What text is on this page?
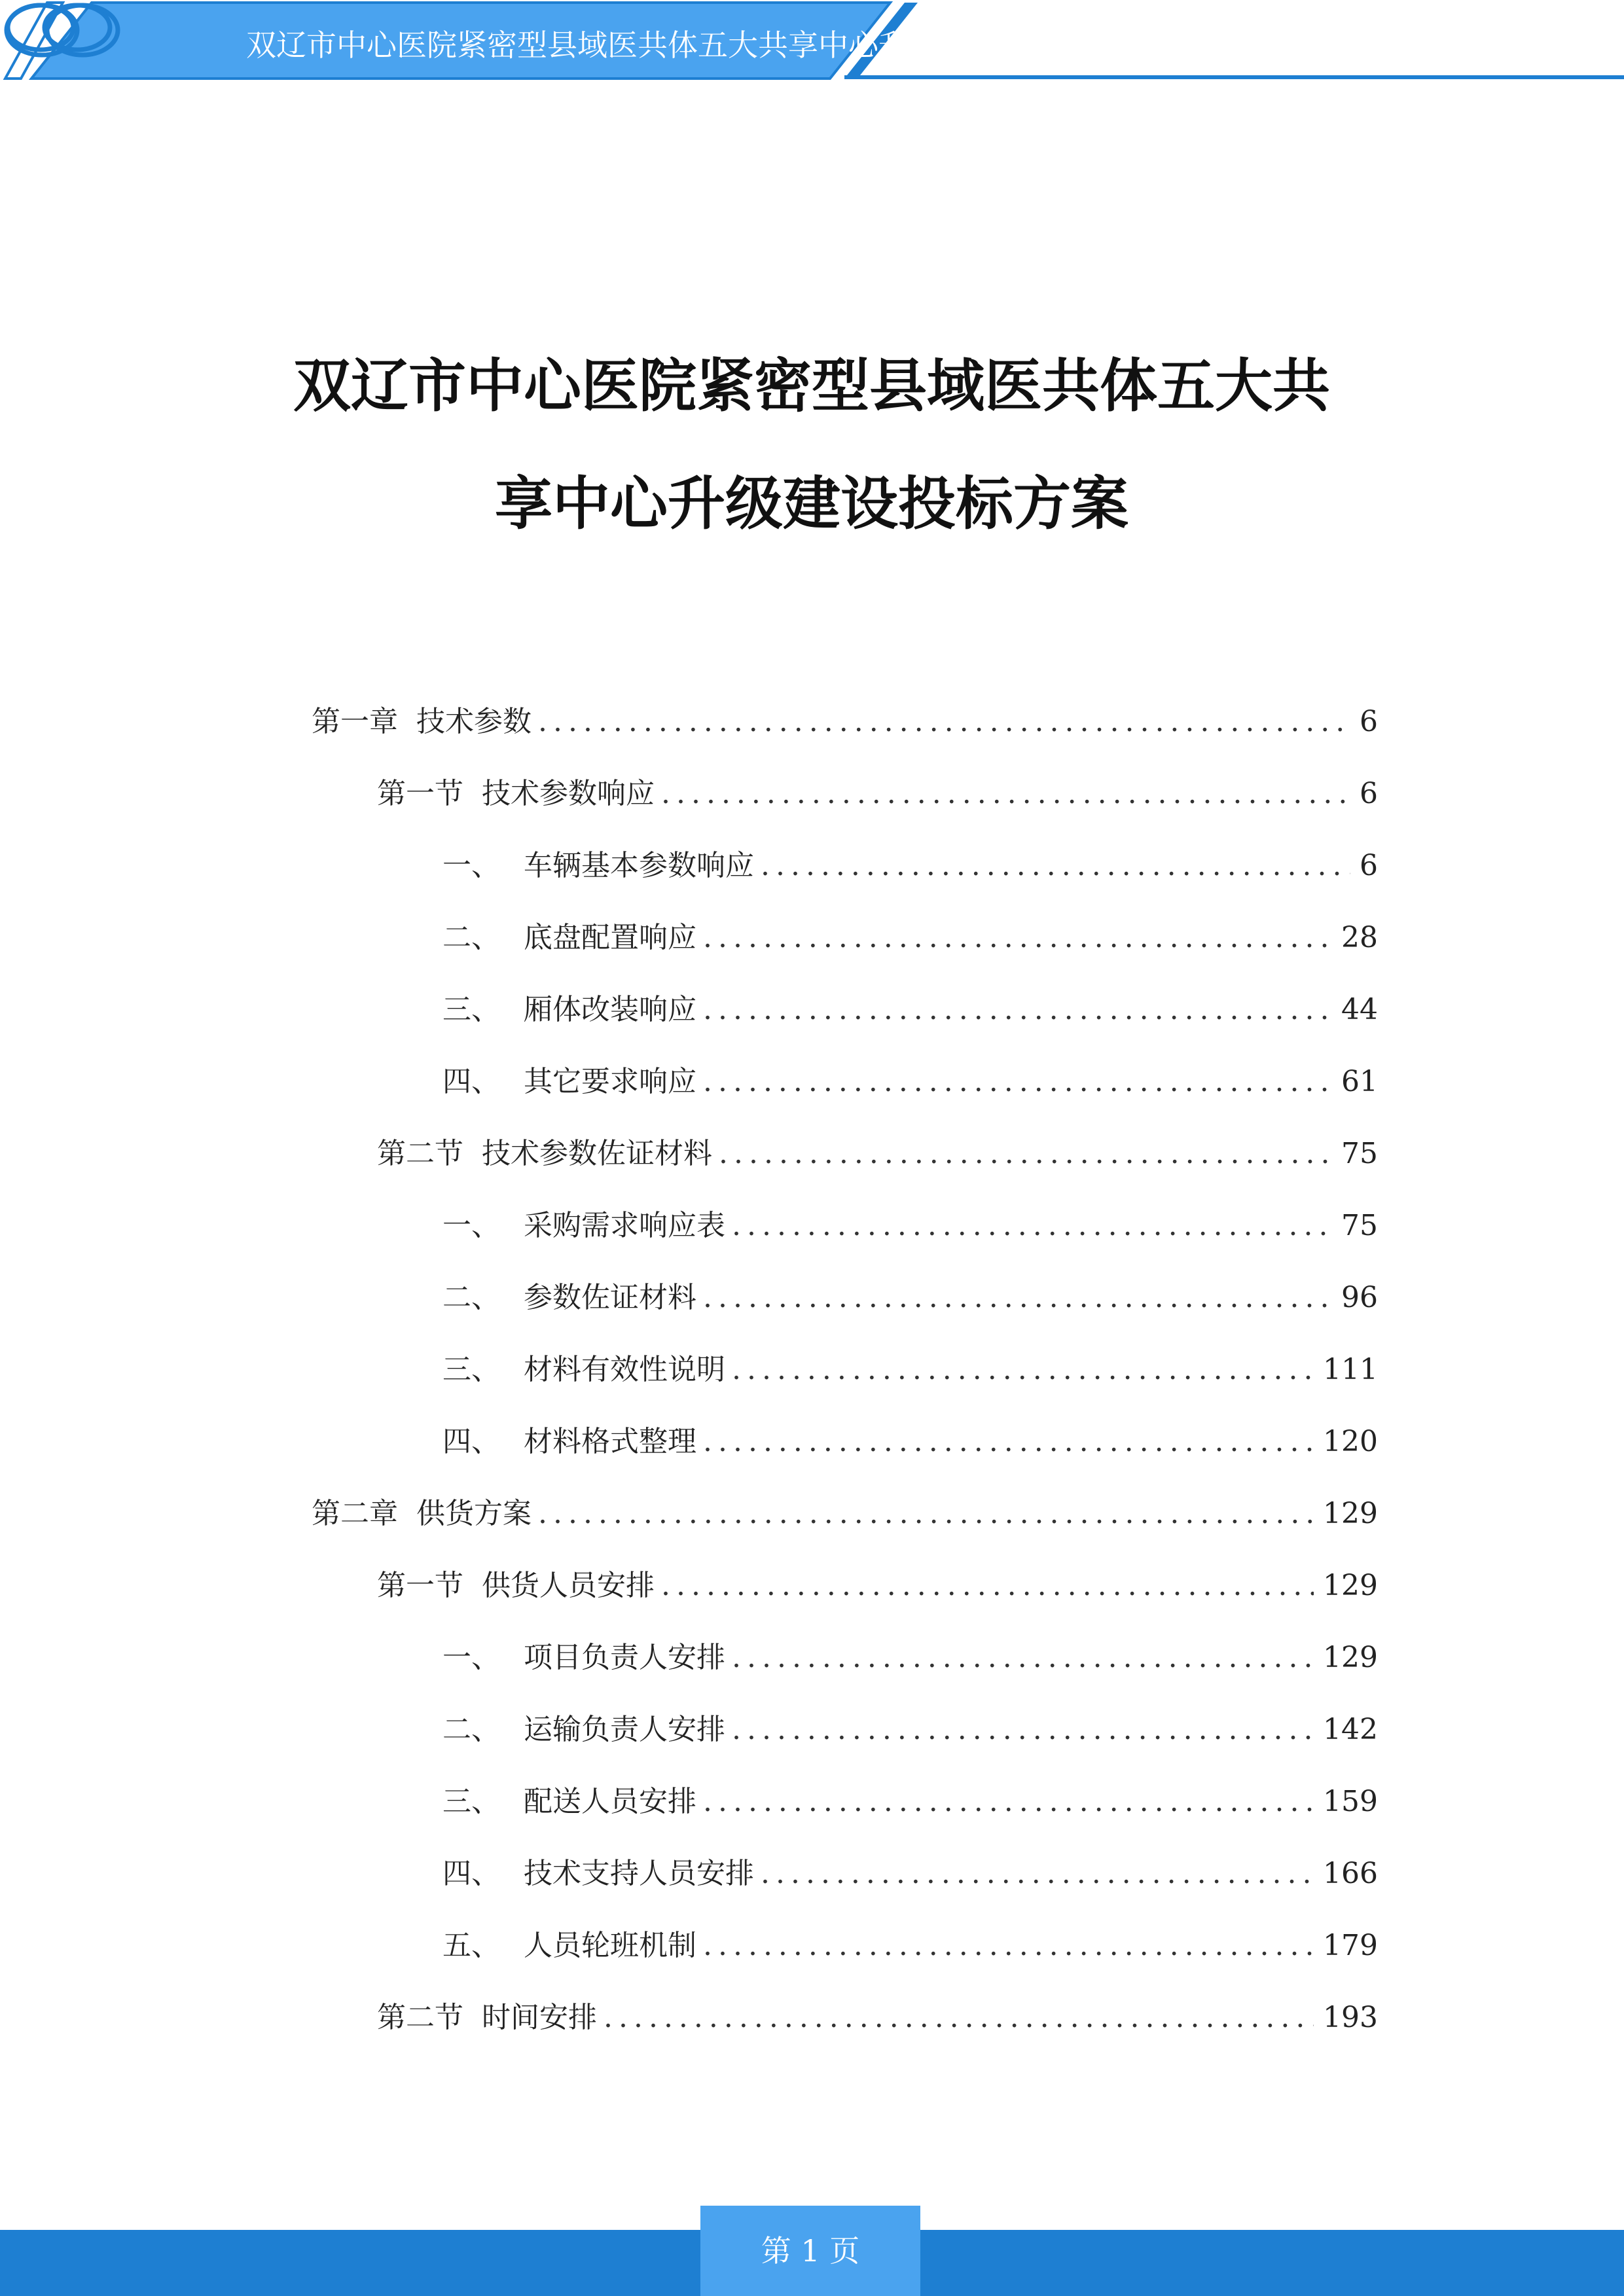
双辽市中心医院紧密型县域医共体五大共享中心升级建设投标方案
双辽市中心医院紧密型县域医共体五大共
享中心升级建设投标方案
第一章 技术参数 .....	6
第一节 技术参数响应 .....	6
一、 车辆基本参数响应 .....	6
二、 底盘配置响应 .....	28
三、 厢体改装响应 .....	44
四、 其它要求响应 .....	61
第二节 技术参数佐证材料 .....	75
一、 采购需求响应表 .....	75
二、 参数佐证材料 .....	96
三、 材料有效性说明 .....	111
四、 材料格式整理 .....	120
第二章 供货方案 .....	129
第一节 供货人员安排 .....	129
一、 项目负责人安排 .....	129
二、 运输负责人安排 .....	142
三、 配送人员安排 .....	159
四、 技术支持人员安排 .....	166
五、 人员轮班机制 .....	179
第二节 时间安排 .....	193
第 1 页
